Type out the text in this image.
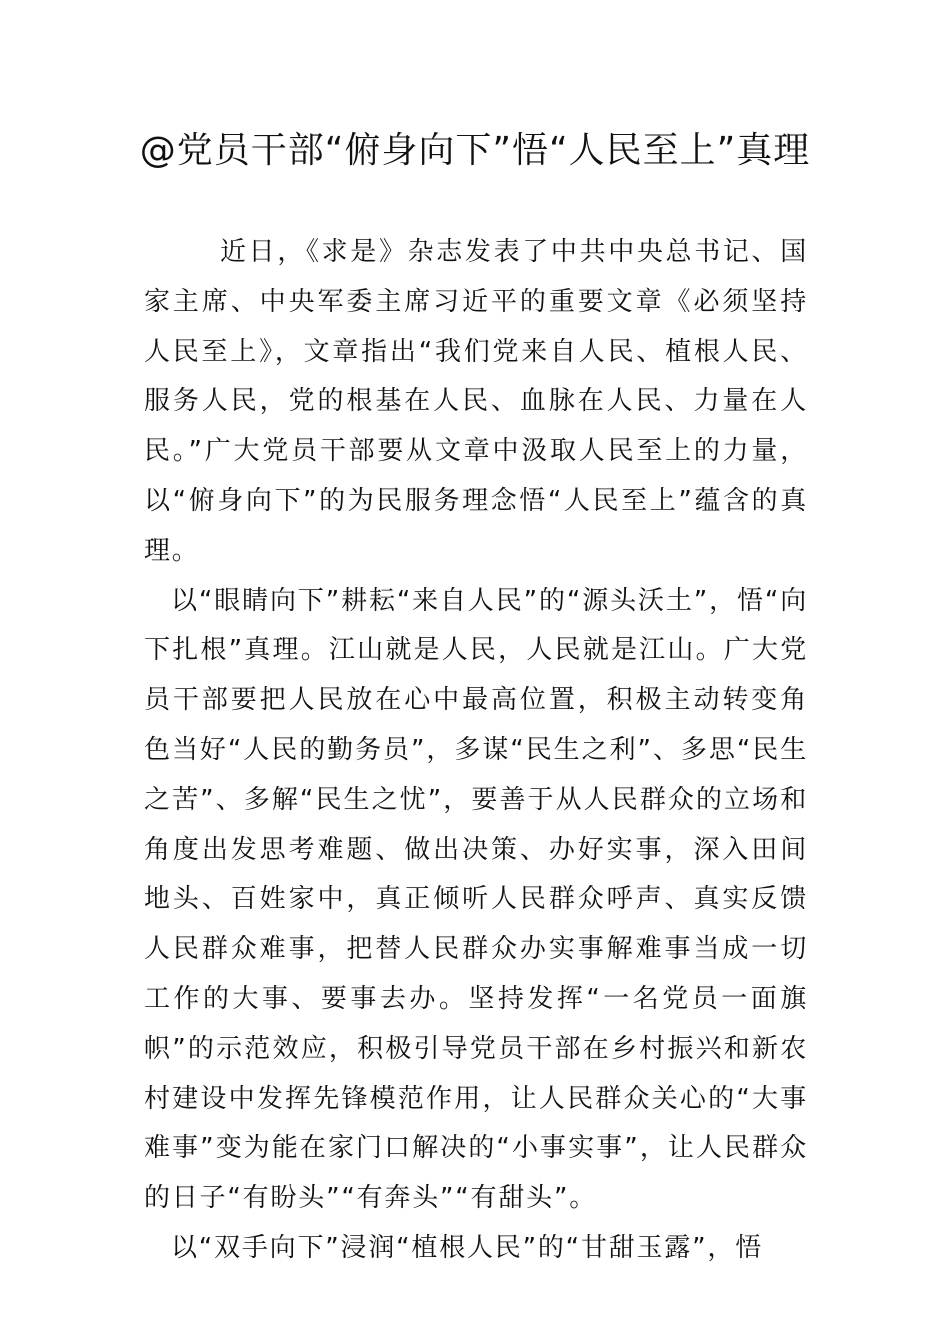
@党员干部“俯身向下”悟“人民至上”真理

近日，《求是》杂志发表了中共中央总书记、国家主席、中央军委主席习近平的重要文章《必须坚持人民至上》，文章指出“我们党来自人民、植根人民、服务人民，党的根基在人民、血脉在人民、力量在人民。”广大党员干部要从文章中汲取人民至上的力量，以“俯身向下”的为民服务理念悟“人民至上”蕴含的真理。

以“眼睛向下”耕耘“来自人民”的“源头沃土”，悟“向下扎根”真理。江山就是人民，人民就是江山。广大党员干部要把人民放在心中最高位置，积极主动转变角色当好“人民的勤务员”，多谋“民生之利”、多思“民生之苦”、多解“民生之忧”，要善于从人民群众的立场和角度出发思考难题、做出决策、办好实事，深入田间地头、百姓家中，真正倾听人民群众呼声、真实反馈人民群众难事，把替人民群众办实事解难事当成一切工作的大事、要事去办。坚持发挥“一名党员一面旗帜”的示范效应，积极引导党员干部在乡村振兴和新农村建设中发挥先锋模范作用，让人民群众关心的“大事难事”变为能在家门口解决的“小事实事”，让人民群众的日子“有盼头”“有奔头”“有甜头”。

以“双手向下”浸润“植根人民”的“甘甜玉露”，悟
